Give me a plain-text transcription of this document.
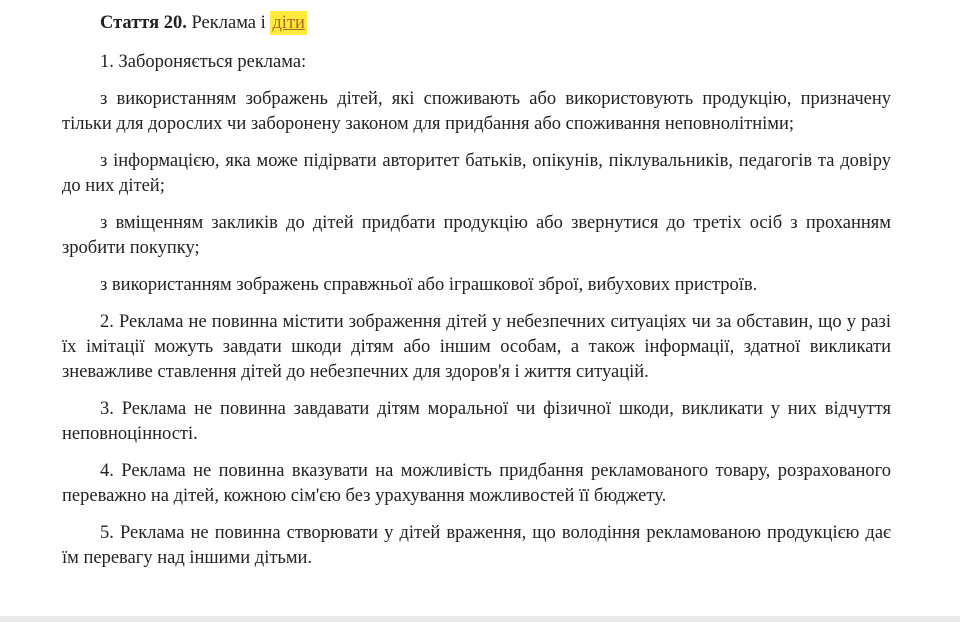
Стаття 20. Реклама і діти

1. Забороняється реклама:

з використанням зображень дітей, які споживають або використовують продукцію, призначену тільки для дорослих чи заборонену законом для придбання або споживання неповнолітніми;

з інформацією, яка може підірвати авторитет батьків, опікунів, піклувальників, педагогів та довіру до них дітей;

з вміщенням закликів до дітей придбати продукцію або звернутися до третіх осіб з проханням зробити покупку;

з використанням зображень справжньої або іграшкової зброї, вибухових пристроїв.

2. Реклама не повинна містити зображення дітей у небезпечних ситуаціях чи за обставин, що у разі їх імітації можуть завдати шкоди дітям або іншим особам, а також інформації, здатної викликати зневажливе ставлення дітей до небезпечних для здоров'я і життя ситуацій.

3. Реклама не повинна завдавати дітям моральної чи фізичної шкоди, викликати у них відчуття неповноцінності.

4. Реклама не повинна вказувати на можливість придбання рекламованого товару, розрахованого переважно на дітей, кожною сім'єю без урахування можливостей її бюджету.

5. Реклама не повинна створювати у дітей враження, що володіння рекламованою продукцією дає їм перевагу над іншими дітьми.
